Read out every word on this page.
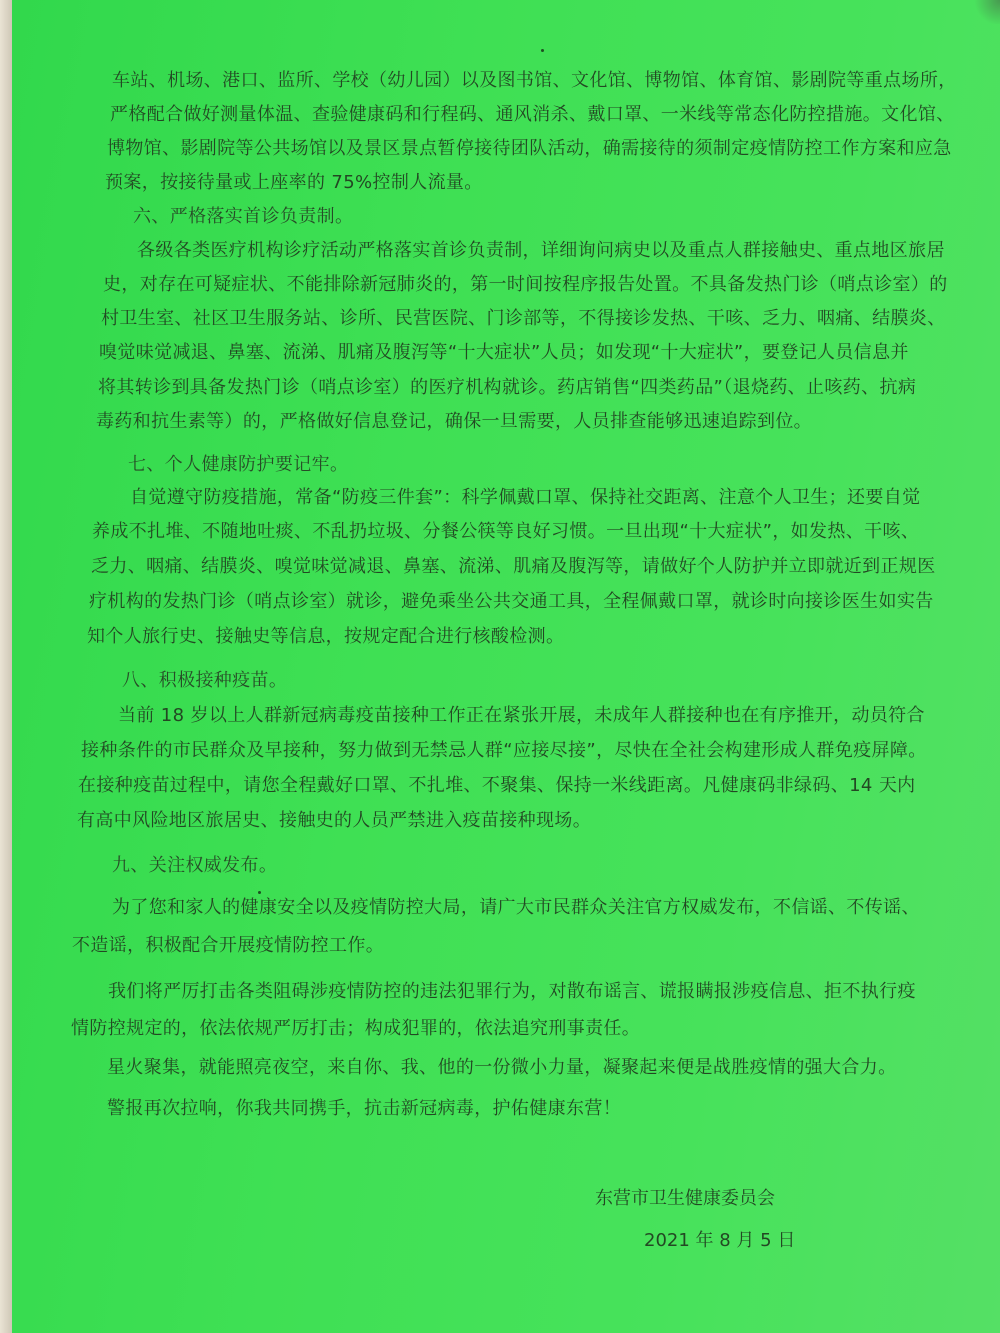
车站、机场、港口、监所、学校（幼儿园）以及图书馆、文化馆、博物馆、体育馆、影剧院等重点场所，
严格配合做好测量体温、查验健康码和行程码、通风消杀、戴口罩、一米线等常态化防控措施。文化馆、
博物馆、影剧院等公共场馆以及景区景点暂停接待团队活动，确需接待的须制定疫情防控工作方案和应急
预案，按接待量或上座率的 75%控制人流量。
六、严格落实首诊负责制。
各级各类医疗机构诊疗活动严格落实首诊负责制，详细询问病史以及重点人群接触史、重点地区旅居
史，对存在可疑症状、不能排除新冠肺炎的，第一时间按程序报告处置。不具备发热门诊（哨点诊室）的
村卫生室、社区卫生服务站、诊所、民营医院、门诊部等，不得接诊发热、干咳、乏力、咽痛、结膜炎、
嗅觉味觉减退、鼻塞、流涕、肌痛及腹泻等“十大症状”人员；如发现“十大症状”，要登记人员信息并
将其转诊到具备发热门诊（哨点诊室）的医疗机构就诊。药店销售“四类药品”（退烧药、止咳药、抗病
毒药和抗生素等）的，严格做好信息登记，确保一旦需要，人员排查能够迅速追踪到位。
七、个人健康防护要记牢。
自觉遵守防疫措施，常备“防疫三件套”：科学佩戴口罩、保持社交距离、注意个人卫生；还要自觉
养成不扎堆、不随地吐痰、不乱扔垃圾、分餐公筷等良好习惯。一旦出现“十大症状”，如发热、干咳、
乏力、咽痛、结膜炎、嗅觉味觉减退、鼻塞、流涕、肌痛及腹泻等，请做好个人防护并立即就近到正规医
疗机构的发热门诊（哨点诊室）就诊，避免乘坐公共交通工具，全程佩戴口罩，就诊时向接诊医生如实告
知个人旅行史、接触史等信息，按规定配合进行核酸检测。
八、积极接种疫苗。
当前 18 岁以上人群新冠病毒疫苗接种工作正在紧张开展，未成年人群接种也在有序推开，动员符合
接种条件的市民群众及早接种，努力做到无禁忌人群“应接尽接”，尽快在全社会构建形成人群免疫屏障。
在接种疫苗过程中，请您全程戴好口罩、不扎堆、不聚集、保持一米线距离。凡健康码非绿码、14 天内
有高中风险地区旅居史、接触史的人员严禁进入疫苗接种现场。
九、关注权威发布。
为了您和家人的健康安全以及疫情防控大局，请广大市民群众关注官方权威发布，不信谣、不传谣、
不造谣，积极配合开展疫情防控工作。
我们将严厉打击各类阻碍涉疫情防控的违法犯罪行为，对散布谣言、谎报瞒报涉疫信息、拒不执行疫
情防控规定的，依法依规严厉打击；构成犯罪的，依法追究刑事责任。
星火聚集，就能照亮夜空，来自你、我、他的一份微小力量，凝聚起来便是战胜疫情的强大合力。
警报再次拉响，你我共同携手，抗击新冠病毒，护佑健康东营！
东营市卫生健康委员会
2021 年 8 月 5 日
